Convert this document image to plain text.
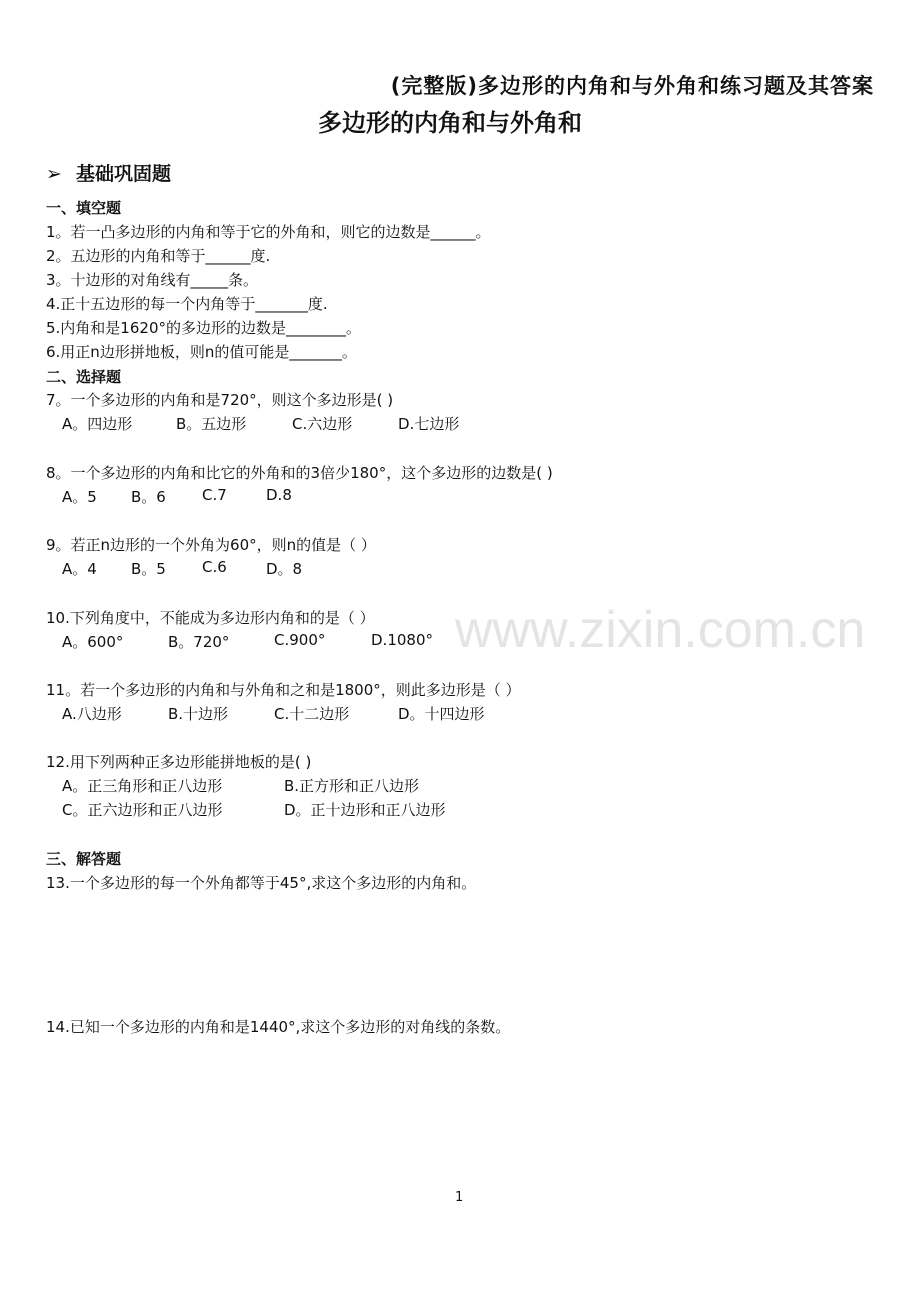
(完整版)多边形的内角和与外角和练习题及其答案
多边形的内角和与外角和
➢ 基础巩固题
一、填空题
1。若一凸多边形的内角和等于它的外角和，则它的边数是______。
2。五边形的内角和等于______度.
3。十边形的对角线有_____条。
4.正十五边形的每一个内角等于_______度.
5.内角和是1620°的多边形的边数是________。
6.用正n边形拼地板，则n的值可能是_______。
二、选择题
7。一个多边形的内角和是720°，则这个多边形是( )
A。四边形	B。五边形	C.六边形	D.七边形
8。一个多边形的内角和比它的外角和的3倍少180°，这个多边形的边数是( )
A。5 B。6 C.7	D.8
9。若正n边形的一个外角为60°，则n的值是（ ）
A。4 B。5 C.6	D。8
10.下列角度中，不能成为多边形内角和的是（ ）
A。600°	B。720°	C.900°	D.1080°
11。若一个多边形的内角和与外角和之和是1800°，则此多边形是（ ）
A.八边形	B.十边形	C.十二边形	D。十四边形
12.用下列两种正多边形能拼地板的是( )
A。正三角形和正八边形	B.正方形和正八边形
C。正六边形和正八边形	D。正十边形和正八边形
三、解答题
13.一个多边形的每一个外角都等于45°,求这个多边形的内角和。
14.已知一个多边形的内角和是1440°,求这个多边形的对角线的条数。
www.zixin.com.cn
1
